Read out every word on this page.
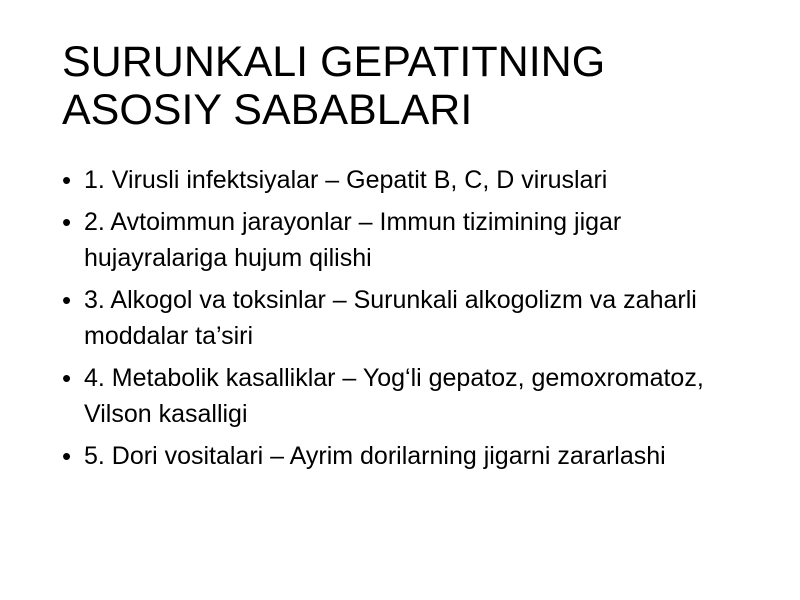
SURUNKALI GEPATITNING ASOSIY SABABLARI
• 1. Virusli infektsiyalar – Gepatit B, C, D viruslari
• 2. Avtoimmun jarayonlar – Immun tizimining jigar hujayralariga hujum qilishi
• 3. Alkogol va toksinlar – Surunkali alkogolizm va zaharli moddalar ta’siri
• 4. Metabolik kasalliklar – Yog‘li gepatoz, gemoxromatoz, Vilson kasalligi
• 5. Dori vositalari – Ayrim dorilarning jigarni zararlashi
